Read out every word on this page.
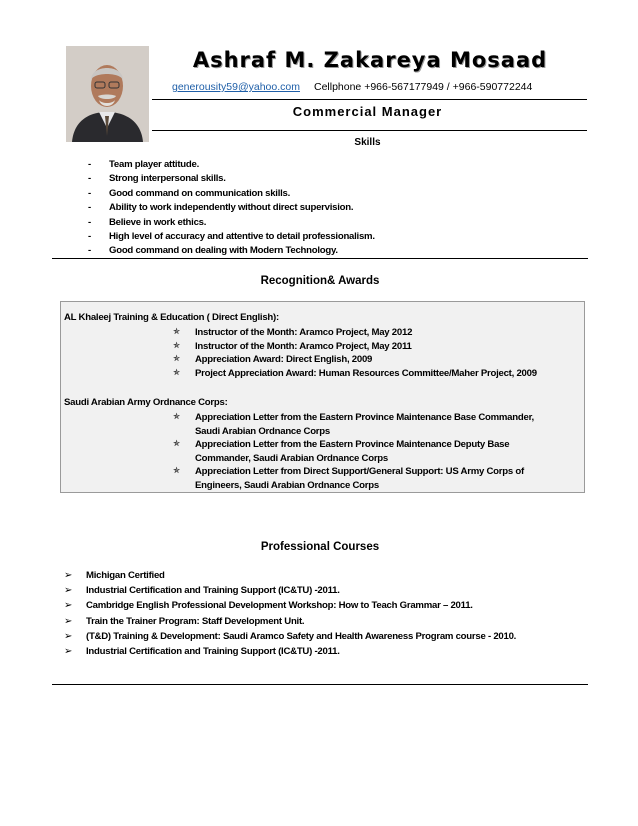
Ashraf M. Zakareya Mosaad
generousity59@yahoo.com Cellphone +966-567177949 / +966-590772244
Commercial Manager
Skills
- Team player attitude.
- Strong interpersonal skills.
- Good command on communication skills.
- Ability to work independently without direct supervision.
- Believe in work ethics.
- High level of accuracy and attentive to detail professionalism.
- Good command on dealing with Modern Technology.
Recognition& Awards
AL Khaleej Training & Education ( Direct English):
✯ Instructor of the Month: Aramco Project, May 2012
✯ Instructor of the Month: Aramco Project, May 2011
✯ Appreciation Award: Direct English, 2009
✯ Project Appreciation Award: Human Resources Committee/Maher Project, 2009
Saudi Arabian Army Ordnance Corps:
✯ Appreciation Letter from the Eastern Province Maintenance Base Commander,
Saudi Arabian Ordnance Corps
✯ Appreciation Letter from the Eastern Province Maintenance Deputy Base
Commander, Saudi Arabian Ordnance Corps
✯ Appreciation Letter from Direct Support/General Support: US Army Corps of
Engineers, Saudi Arabian Ordnance Corps
Professional Courses
➢ Michigan Certified
➢ Industrial Certification and Training Support (IC&TU) -2011.
➢ Cambridge English Professional Development Workshop: How to Teach Grammar – 2011.
➢ Train the Trainer Program: Staff Development Unit.
➢ (T&D) Training & Development: Saudi Aramco Safety and Health Awareness Program course - 2010.
➢ Industrial Certification and Training Support (IC&TU) -2011.
